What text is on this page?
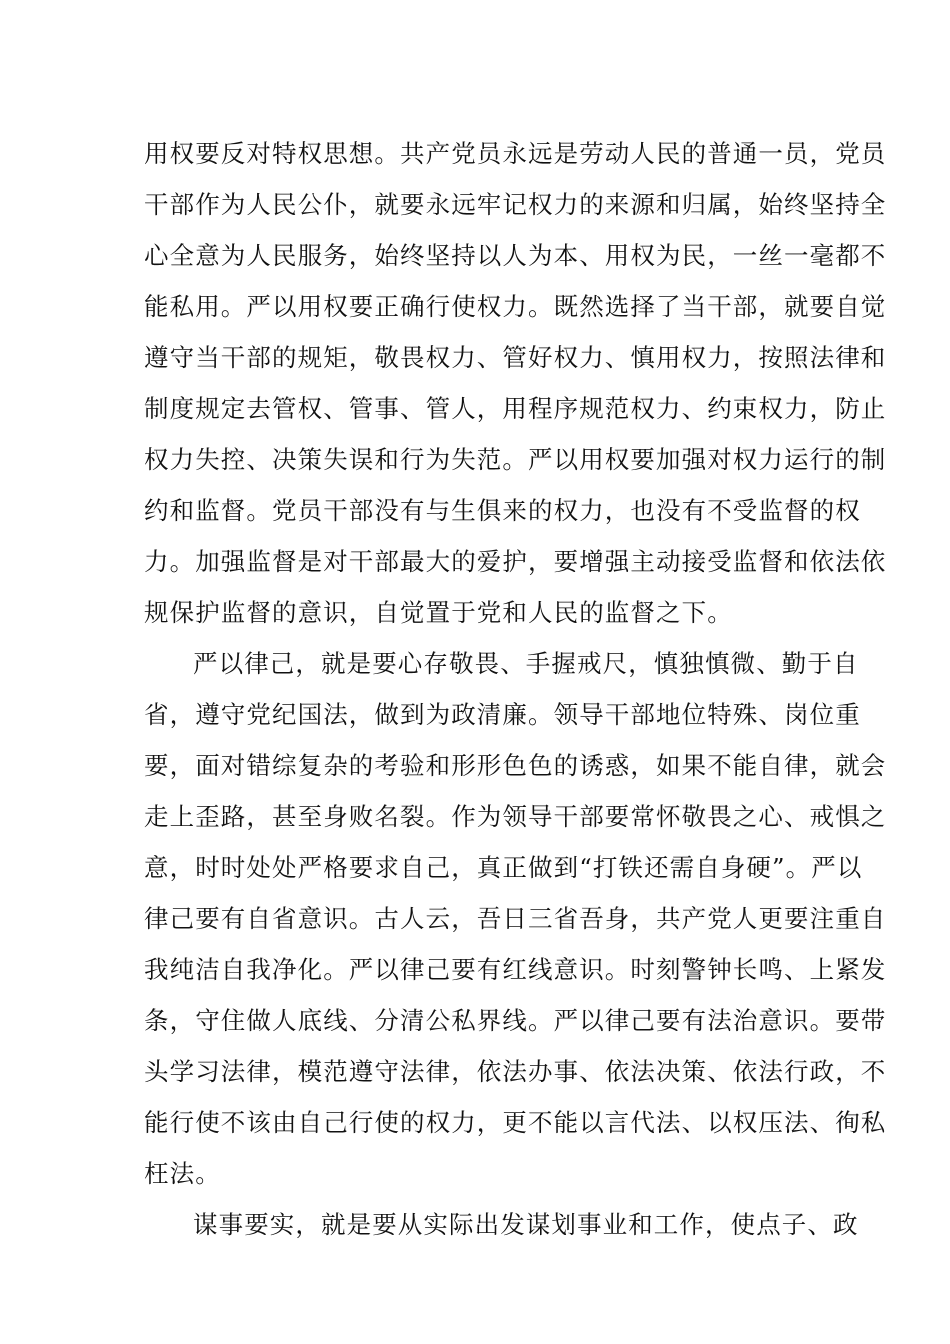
用权要反对特权思想。共产党员永远是劳动人民的普通一员，党员
干部作为人民公仆，就要永远牢记权力的来源和归属，始终坚持全
心全意为人民服务，始终坚持以人为本、用权为民，一丝一毫都不
能私用。严以用权要正确行使权力。既然选择了当干部，就要自觉
遵守当干部的规矩，敬畏权力、管好权力、慎用权力，按照法律和
制度规定去管权、管事、管人，用程序规范权力、约束权力，防止
权力失控、决策失误和行为失范。严以用权要加强对权力运行的制
约和监督。党员干部没有与生俱来的权力，也没有不受监督的权
力。加强监督是对干部最大的爱护，要增强主动接受监督和依法依
规保护监督的意识，自觉置于党和人民的监督之下。
严以律己，就是要心存敬畏、手握戒尺，慎独慎微、勤于自
省，遵守党纪国法，做到为政清廉。领导干部地位特殊、岗位重
要，面对错综复杂的考验和形形色色的诱惑，如果不能自律，就会
走上歪路，甚至身败名裂。作为领导干部要常怀敬畏之心、戒惧之
意，时时处处严格要求自己，真正做到“打铁还需自身硬”。严以
律己要有自省意识。古人云，吾日三省吾身，共产党人更要注重自
我纯洁自我净化。严以律己要有红线意识。时刻警钟长鸣、上紧发
条，守住做人底线、分清公私界线。严以律己要有法治意识。要带
头学习法律，模范遵守法律，依法办事、依法决策、依法行政，不
能行使不该由自己行使的权力，更不能以言代法、以权压法、徇私
枉法。
谋事要实，就是要从实际出发谋划事业和工作，使点子、政
